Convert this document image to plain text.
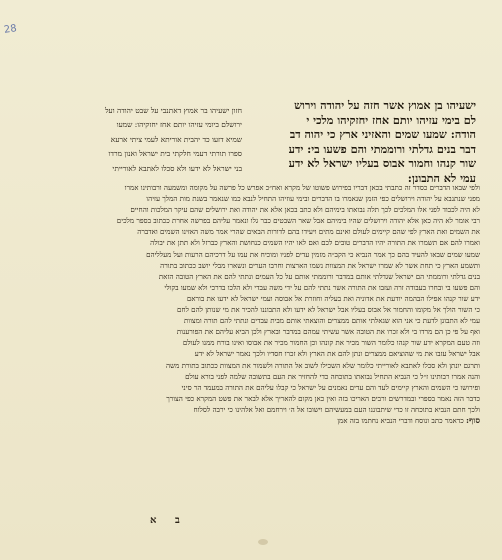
28
ישעיהו בן אמוץ אשר חזה על יהודה וירוש
לם בימי עזיהו יותם אחז יחזקיהו מלכי י
הודה: שמעו שמים והאזיני ארץ כי יהוה דב
דבר בנים גדלתי ורוממתי והם פשעו בי: ידע
שור קנהו וחמור אבוס בעליו ישראל לא ידע
עמי לא התבונן:
חזון ישעיהו בר אמוץ דאתנבי על שבט יהודה ועל
ירושלם ביומי עזיהו יותם אחז יחזקיהו: שמעו
שמיא דזעו כד יהבית אוריתא לעמי ציתי ארעא
ספרו תורתי דעמי חלקתי בית ישראל ואנון מרדו
בני ישראל לא ידעו ולא סכלו לאתבא לאורייתי
ולפי שבאו הדברים כסדר זה כתבתי בכאן דבריו בפירוש פשוטו של מקרא ואח״כ אפרש כל פרשה על מקומה ומשמעה ורבותינו אמרו
מפני שנתנבא על יהודה וירושלים כפי הזמן שנאמרו בו הדברים ובימי עוזיהו התחיל לנבא כמו שנאמר בשנת מות המלך עזיהו
לא היה לכבוד לפני אלו המלכים לכך תלה נבואתו בימיהם ולא כתב בכאן אלא את יהודה ואת ירושלים שהם עיקר המלכות והחיים
רבי אומר לא היה כאן אלא יהודה וירושלים שהיו בימיהם אבל שאר השבטים כבר גלו ונאמר עליהם בפרשה אחרת ככתוב בספר מלכים
את השמים ואת הארץ לפי שהם קיימים לעולם ואינם מתים ויעידו בהם לדורות הבאים שהרי אמר משה האזינו השמים ואדברה
ואמרו להם אם תשמרו את התורה יהיו הדברים טובים לכם ואם לאו יהיו השמים כנחושת והארץ כברזל ולא תתן את יבולה
שמעו שמים שבאו להעיד בהם כך אמר הנביא כי הקב״ה מזמין עדים לפניו ומוכיח את עמו על דרכיהם הרעות ועל מעלליהם
ותשמע הארץ כי תחת אשר לא שמרו ישראל את המצוות נשמו הארצות וחרבו הערים ונשארו מבלי יושב ככתוב בתורה
בנים גדלתי ורוממתי הם ישראל שגדלתי אותם במדבר ורוממתי אותם על כל העמים ונתתי להם את הארץ הטובה הזאת
והם פשעו בי ובחרו בעבודה זרה ועזבו את התורה אשר נתתי להם על ידי משה עבדי ולא הלכו בדרכי ולא שמעו בקולי
ידע שור קנהו אפילו הבהמה יודעת את אדוניה ואת בעליה וחוזרת אל אבוסה ועמי ישראל לא ידעו את בוראם
כי השור הולך אל מקומו והחמור אל אבוס בעליו אבל ישראל לא ידעו ולא התבוננו להכיר את מי שנותן להם לחם
עמי לא התבונן לדעת כי אני הוא שגאלתי אותם ממצרים והוצאתי אותם מבית עבדים ונתתי להם תורה ומצוות
ואף על פי כן הם מרדו בי ולא זכרו את הטובה אשר עשיתי עמהם במדבר ובארץ ולכן הביא עליהם את הפורענות
וזה טעם המקרא ידע שור קנהו כלומר השור מכיר את קונהו וכן החמור מכיר את אבוסו ואינו בורח ממנו לעולם
אבל ישראל עזבו את מי שהוציאם ממצרים ונתן להם את הארץ ולא זכרו חסדיו ולכך נאמר ישראל לא ידע
ותרגם יונתן ולא סכלו לאתבא לאורייתי כלומר שלא השכילו לשוב אל התורה ולשמור את המצוות ככתוב בתורת משה
והנה אמרו רבותינו ז״ל כי הנביא התחיל נבואתו בתוכחה כדי להחזיר את העם בתשובה שלמה לפני בורא עולם
ופירושו כי השמים והארץ קיימים לעד והם עדים נאמנים על ישראל כי קבלו עליהם את התורה במעמד הר סיני
כדבר הזה נאמר בספרי ובמדרשים ורבים האריכו בזה ואין כאן מקום להאריך אלא לבאר את פשט המקרא כפי הצורך
ולכך חתם הנביא בתוכחה זו כדי שיתבוננו העם במעשיהם וישובו אל ה׳ וירחמם ואל אלהינו כי ירבה לסלוח
סוף: כדאמר כתב ונוסח ודברי הנביא נחתמו בזה אמן
א ב
